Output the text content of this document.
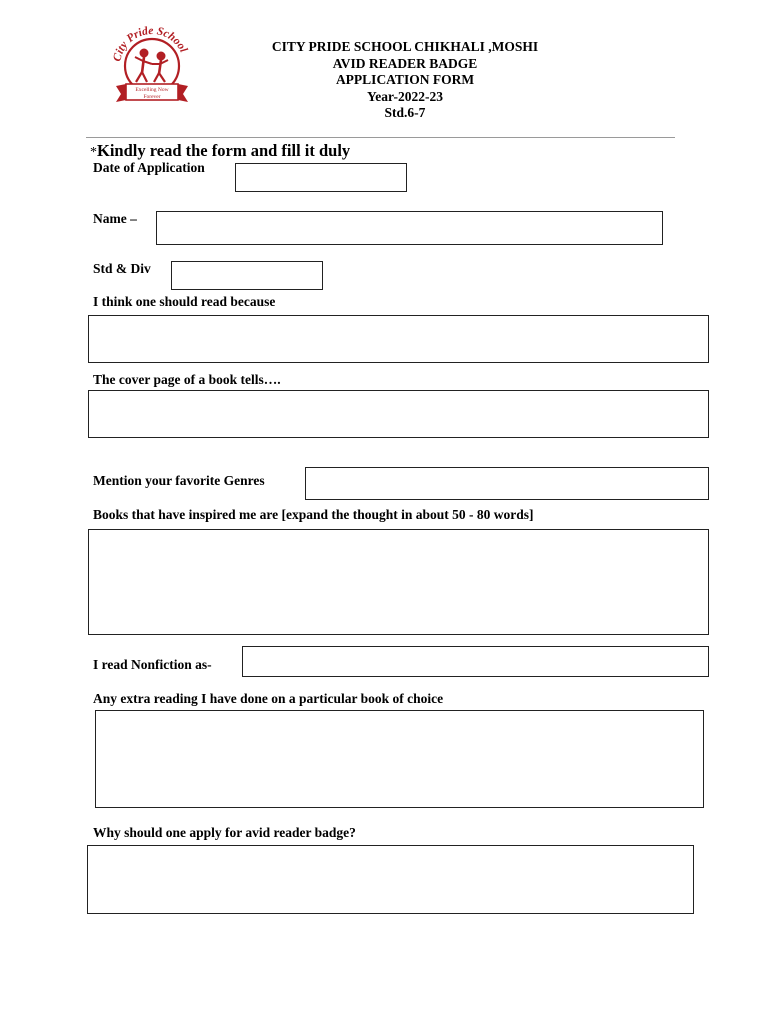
City Pride School
Excelling Now
Forever
CITY PRIDE SCHOOL CHIKHALI ,MOSHI
AVID READER BADGE
APPLICATION FORM
Year-2022-23
Std.6-7
*Kindly read the form and fill it duly
Date of Application
Name –
Std & Div
I think one should read because
The cover page of a book tells….
Mention your favorite Genres
Books that have inspired me are [expand the thought in about 50 - 80 words]
I read Nonfiction as-
Any extra reading I have done on a particular book of choice
Why should one apply for avid reader badge?
